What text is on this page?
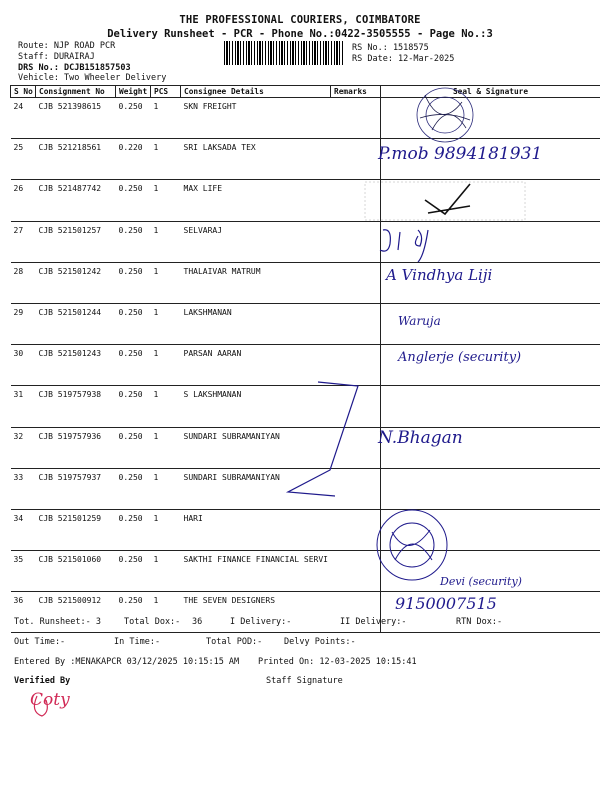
THE PROFESSIONAL COURIERS, COIMBATORE
Delivery Runsheet - PCR - Phone No.:0422-3505555 - Page No.:3
Route: NJP ROAD PCR
Staff: DURAIRAJ
DRS No.: DCJB151857503
Vehicle: Two Wheeler Delivery
RS No.: 1518575
RS Date: 12-Mar-2025
S No	Consignment No	Weight	PCS	Consignee Details	Remarks	Seal & Signature
24	CJB 521398615	0.250	1	SKN FREIGHT		
25	CJB 521218561	0.220	1	SRI LAKSADA TEX		
26	CJB 521487742	0.250	1	MAX LIFE		
27	CJB 521501257	0.250	1	SELVARAJ		
28	CJB 521501242	0.250	1	THALAIVAR MATRUM		
29	CJB 521501244	0.250	1	LAKSHMANAN		
30	CJB 521501243	0.250	1	PARSAN AARAN		
31	CJB 519757938	0.250	1	S LAKSHMANAN		
32	CJB 519757936	0.250	1	SUNDARI SUBRAMANIYAN		
33	CJB 519757937	0.250	1	SUNDARI SUBRAMANIYAN		
34	CJB 521501259	0.250	1	HARI		
35	CJB 521501060	0.250	1	SAKTHI FINANCE FINANCIAL SERVI		
36	CJB 521500912	0.250	1	THE SEVEN DESIGNERS		
P.mob 9894181931
A Vindhya Liji
Waruja
Anglerje (security)
N.Bhagan
Devi (security)
9150007515
Coty
Tot. Runsheet:- 3	Total Dox:- 36	I Delivery:-	II Delivery:-	RTN Dox:-
Out Time:-	In Time:-	Total POD:-	Delvy Points:-
Entered By :MENAKAPCR 03/12/2025 10:15:15 AM Printed On: 12-03-2025 10:15:41
Verified By	Staff Signature
